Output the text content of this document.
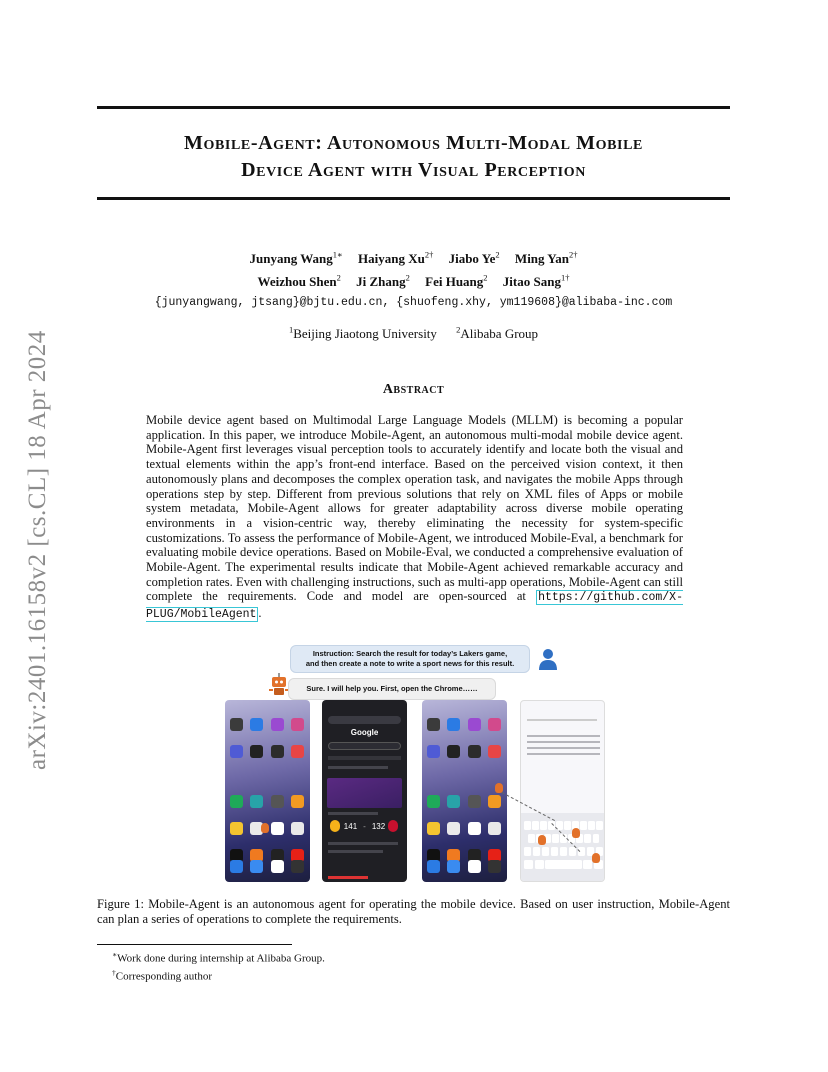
arXiv:2401.16158v2 [cs.CL] 18 Apr 2024
Mobile-Agent: Autonomous Multi-Modal Mobile
Device Agent with Visual Perception
Junyang Wang$^{1∗}$ Haiyang $Xu^{2\dagger}$ Jiabo Ye$^2$ Ming Yan$^{2\dagger}$
Weizhou Shen$^2$ Ji Zhang$^2$ Fei Huang$^2$ Jitao Sang$^{1\dagger}$
{junyangwang, jtsang}@bjtu.edu.cn, {shuofeng.xhy, ym119608}@alibaba-inc.com
$^1$Beijing Jiaotong University $^2$Alibaba Group
Abstract

Mobile device agent based on Multimodal Large Language Models (MLLM) is becoming a popular application. In this paper, we introduce Mobile-Agent, an autonomous multi-modal mobile device agent. Mobile-Agent first leverages visual perception tools to accurately identify and locate both the visual and textual elements within the app’s front-end interface. Based on the perceived vision context, it then autonomously plans and decomposes the complex operation task, and navigates the mobile Apps through operations step by step. Different from previous solutions that rely on XML files of Apps or mobile system metadata, Mobile-Agent allows for greater adaptability across diverse mobile operating environments in a vision-centric way, thereby eliminating the necessity for system-specific customizations. To assess the performance of Mobile-Agent, we introduced Mobile-Eval, a benchmark for evaluating mobile device operations. Based on Mobile-Eval, we conducted a comprehensive evaluation of Mobile-Agent. The experimental results indicate that Mobile-Agent achieved remarkable accuracy and completion rates. Even with challenging instructions, such as multi-app operations, Mobile-Agent can still complete the requirements. Code and model are open-sourced at https://github.com/X-PLUG/MobileAgent .

Instruction: Search the result for today’s Lakers game,
and then create a note to write a sport news for this result.
Sure. I will help you. First, open the Chrome……
Google
141 - 132

Figure 1: Mobile-Agent is an autonomous agent for operating the mobile device. Based on user instruction, Mobile-Agent can plan a series of operations to complete the requirements.

∗Work done during internship at Alibaba Group.
†Corresponding author
